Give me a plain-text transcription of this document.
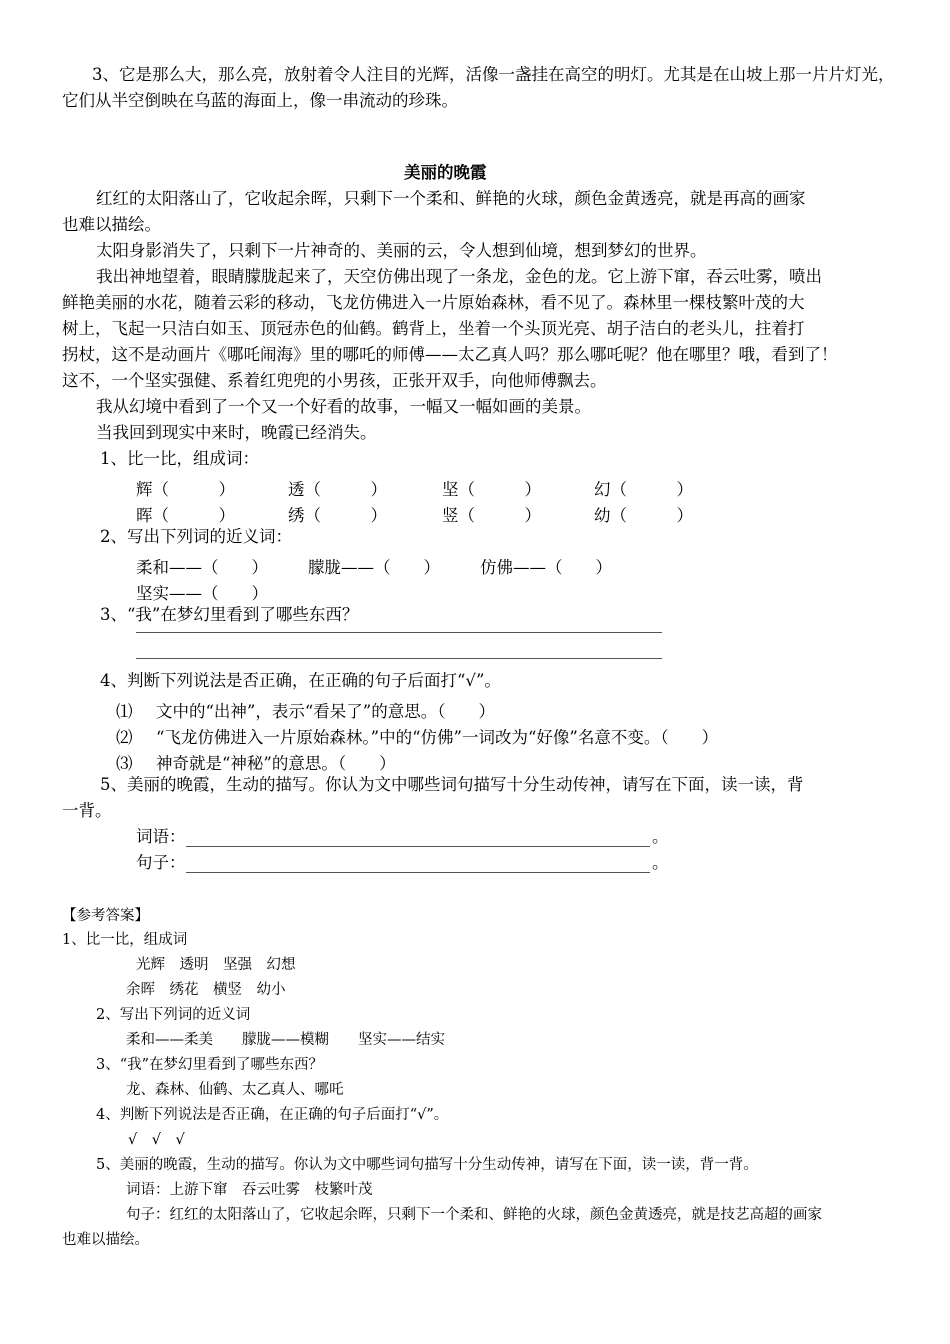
3、它是那么大，那么亮，放射着令人注目的光辉，活像一盏挂在高空的明灯。尤其是在山坡上那一片片灯光，
它们从半空倒映在乌蓝的海面上，像一串流动的珍珠。
美丽的晚霞
红红的太阳落山了，它收起余晖，只剩下一个柔和、鲜艳的火球，颜色金黄透亮，就是再高的画家
也难以描绘。
太阳身影消失了，只剩下一片神奇的、美丽的云，令人想到仙境，想到梦幻的世界。
我出神地望着，眼睛朦胧起来了，天空仿佛出现了一条龙，金色的龙。它上游下窜，吞云吐雾，喷出
鲜艳美丽的水花，随着云彩的移动，飞龙仿佛进入一片原始森林，看不见了。森林里一棵枝繁叶茂的大
树上，飞起一只洁白如玉、顶冠赤色的仙鹤。鹤背上，坐着一个头顶光亮、胡子洁白的老头儿，拄着打
拐杖，这不是动画片《哪吒闹海》里的哪吒的师傅——太乙真人吗？那么哪吒呢？他在哪里？哦，看到了！
这不，一个坚实强健、系着红兜兜的小男孩，正张开双手，向他师傅飘去。
我从幻境中看到了一个又一个好看的故事，一幅又一幅如画的美景。
当我回到现实中来时，晚霞已经消失。
1、比一比，组成词：
辉（　　　）	透（　　　）	坚（　　　）	幻（　　　）
晖（　　　）	绣（　　　）	竖（　　　）	幼（　　　）
2、写出下列词的近义词：
柔和——（　　） 朦胧——（　　） 仿佛——（　　）
坚实——（　　）
3、“我”在梦幻里看到了哪些东西？
4、判断下列说法是否正确，在正确的句子后面打“√”。
⑴ 文中的“出神”，表示“看呆了”的意思。（　　）
⑵ “飞龙仿佛进入一片原始森林。”中的“仿佛”一词改为“好像”名意不变。（　　）
⑶ 神奇就是“神秘”的意思。（　　）
5、美丽的晚霞，生动的描写。你认为文中哪些词句描写十分生动传神，请写在下面，读一读，背
一背。
词语：	。
句子：	。
【参考答案】
1、比一比，组成词
光辉　透明　坚强　幻想
余晖　绣花　横竖　幼小
2、写出下列词的近义词
柔和——柔美　　朦胧——模糊　　坚实——结实
3、“我”在梦幻里看到了哪些东西？
龙、森林、仙鹤、太乙真人、哪吒
4、判断下列说法是否正确，在正确的句子后面打“√”。
√　√　√
5、美丽的晚霞，生动的描写。你认为文中哪些词句描写十分生动传神，请写在下面，读一读，背一背。
词语：上游下窜　吞云吐雾　枝繁叶茂
句子：红红的太阳落山了，它收起余晖，只剩下一个柔和、鲜艳的火球，颜色金黄透亮，就是技艺高超的画家
也难以描绘。
